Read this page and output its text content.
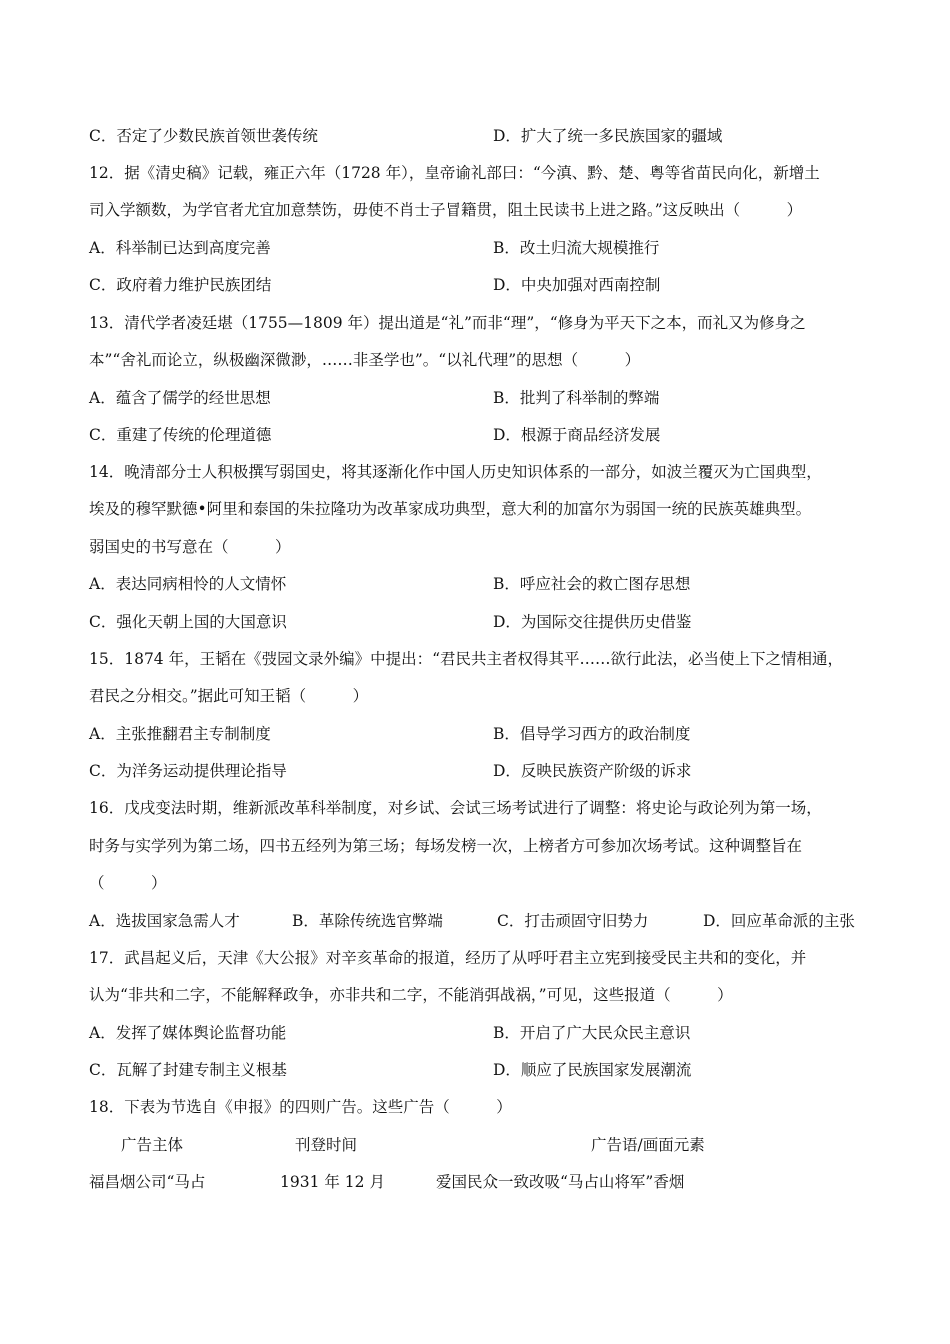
C．否定了少数民族首领世袭传统	D．扩大了统一多民族国家的疆域
12．据《清史稿》记载，雍正六年（1728 年），皇帝谕礼部曰：“今滇、黔、楚、粤等省苗民向化，新增土
司入学额数，为学官者尤宜加意禁饬，毋使不肖士子冒籍贯，阻土民读书上进之路。”这反映出（　　　）
A．科举制已达到高度完善	B．改土归流大规模推行
C．政府着力维护民族团结	D．中央加强对西南控制
13．清代学者凌廷堪（1755—1809 年）提出道是“礼”而非“理”，“修身为平天下之本，而礼又为修身之
本”“舍礼而论立，纵极幽深微渺，……非圣学也”。“以礼代理”的思想（　　　）
A．蕴含了儒学的经世思想	B．批判了科举制的弊端
C．重建了传统的伦理道德	D．根源于商品经济发展
14．晚清部分士人积极撰写弱国史，将其逐渐化作中国人历史知识体系的一部分，如波兰覆灭为亡国典型，
埃及的穆罕默德•阿里和泰国的朱拉隆功为改革家成功典型，意大利的加富尔为弱国一统的民族英雄典型。
弱国史的书写意在（　　　）
A．表达同病相怜的人文情怀	B．呼应社会的救亡图存思想
C．强化天朝上国的大国意识	D．为国际交往提供历史借鉴
15．1874 年，王韬在《弢园文录外编》中提出：“君民共主者权得其平……欲行此法，必当使上下之情相通，
君民之分相交。”据此可知王韬（　　　）
A．主张推翻君主专制制度	B．倡导学习西方的政治制度
C．为洋务运动提供理论指导	D．反映民族资产阶级的诉求
16．戊戌变法时期，维新派改革科举制度，对乡试、会试三场考试进行了调整：将史论与政论列为第一场，
时务与实学列为第二场，四书五经列为第三场；每场发榜一次，上榜者方可参加次场考试。这种调整旨在
（　　　）
A．选拔国家急需人才	B．革除传统选官弊端	C．打击顽固守旧势力	D．回应革命派的主张
17．武昌起义后，天津《大公报》对辛亥革命的报道，经历了从呼吁君主立宪到接受民主共和的变化，并
认为“非共和二字，不能解释政争，亦非共和二字，不能消弭战祸，”可见，这些报道（　　　）
A．发挥了媒体舆论监督功能	B．开启了广大民众民主意识
C．瓦解了封建专制主义根基	D．顺应了民族国家发展潮流
18．下表为节选自《申报》的四则广告。这些广告（　　　）
广告主体	刊登时间	广告语/画面元素
福昌烟公司“马占	1931 年 12 月	爱国民众一致改吸“马占山将军”香烟
